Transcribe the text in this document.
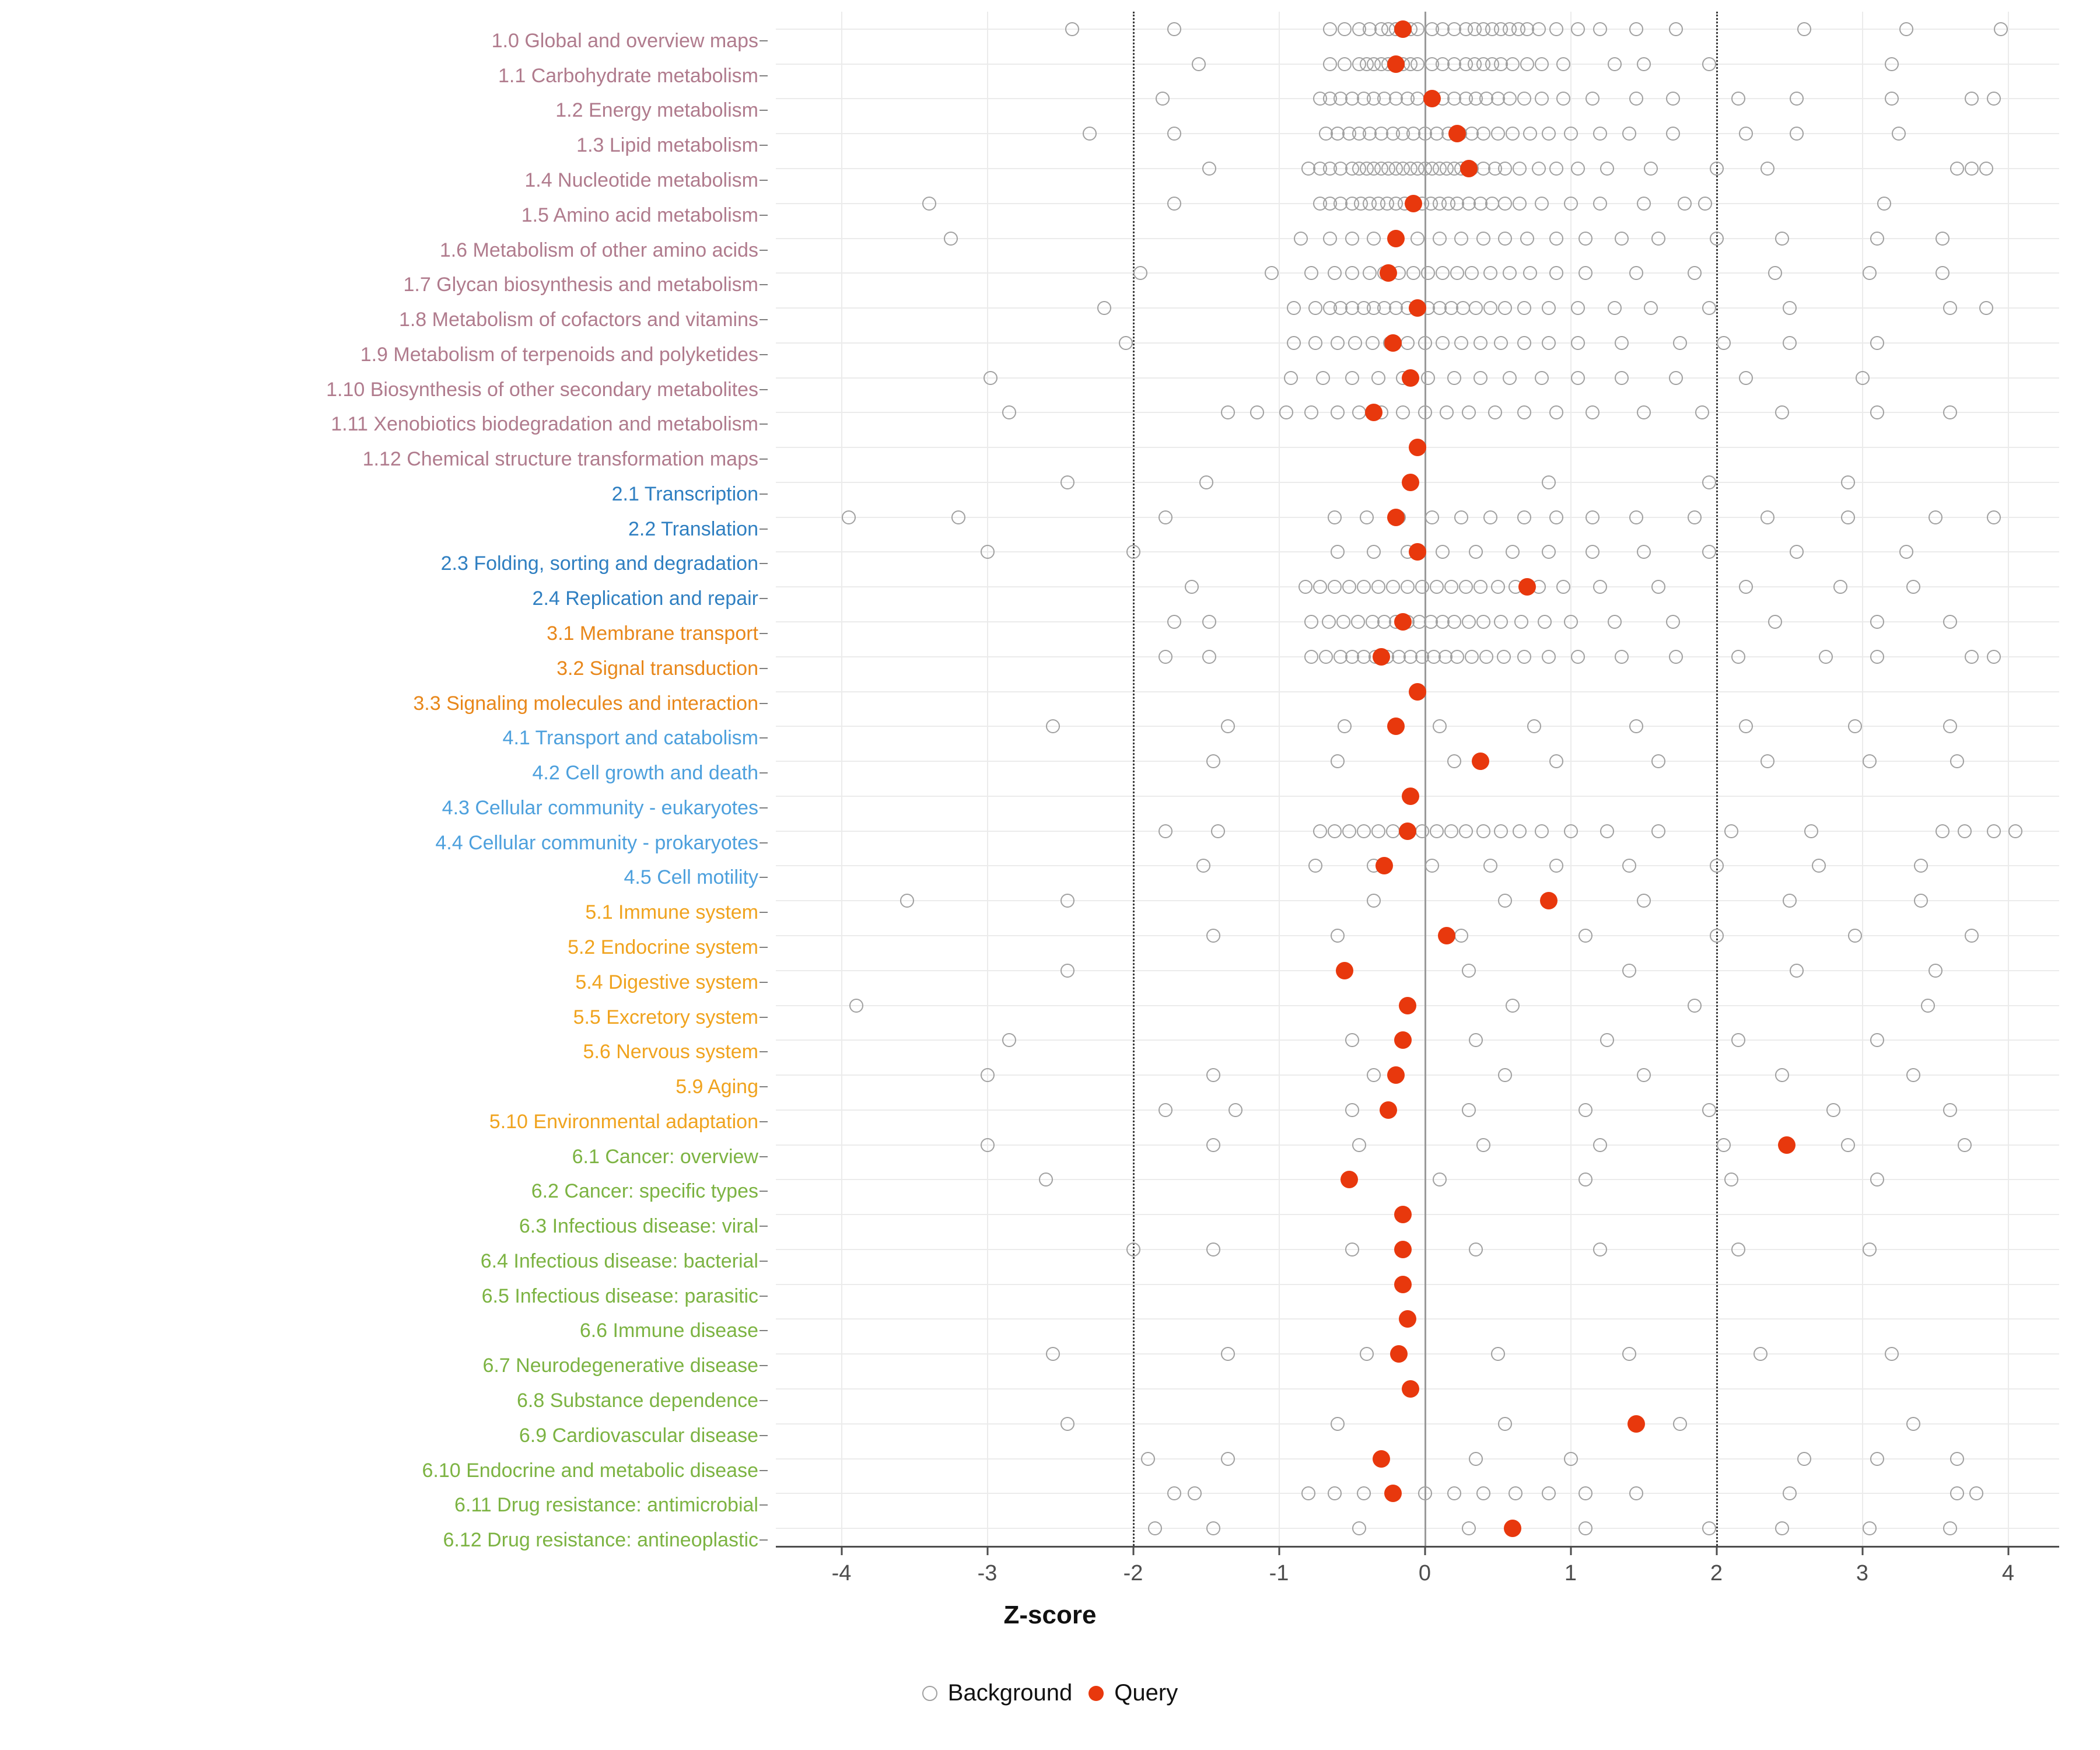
1.0 Global and overview maps
1.1 Carbohydrate metabolism
1.2 Energy metabolism
1.3 Lipid metabolism
1.4 Nucleotide metabolism
1.5 Amino acid metabolism
1.6 Metabolism of other amino acids
1.7 Glycan biosynthesis and metabolism
1.8 Metabolism of cofactors and vitamins
1.9 Metabolism of terpenoids and polyketides
1.10 Biosynthesis of other secondary metabolites
1.11 Xenobiotics biodegradation and metabolism
1.12 Chemical structure transformation maps
2.1 Transcription
2.2 Translation
2.3 Folding, sorting and degradation
2.4 Replication and repair
3.1 Membrane transport
3.2 Signal transduction
3.3 Signaling molecules and interaction
4.1 Transport and catabolism
4.2 Cell growth and death
4.3 Cellular community - eukaryotes
4.4 Cellular community - prokaryotes
4.5 Cell motility
5.1 Immune system
5.2 Endocrine system
5.4 Digestive system
5.5 Excretory system
5.6 Nervous system
5.9 Aging
5.10 Environmental adaptation
6.1 Cancer: overview
6.2 Cancer: specific types
6.3 Infectious disease: viral
6.4 Infectious disease: bacterial
6.5 Infectious disease: parasitic
6.6 Immune disease
6.7 Neurodegenerative disease
6.8 Substance dependence
6.9 Cardiovascular disease
6.10 Endocrine and metabolic disease
6.11 Drug resistance: antimicrobial
6.12 Drug resistance: antineoplastic
-4	-3	-2	-1	0	1	2	3	4
Z-score
Background Query
